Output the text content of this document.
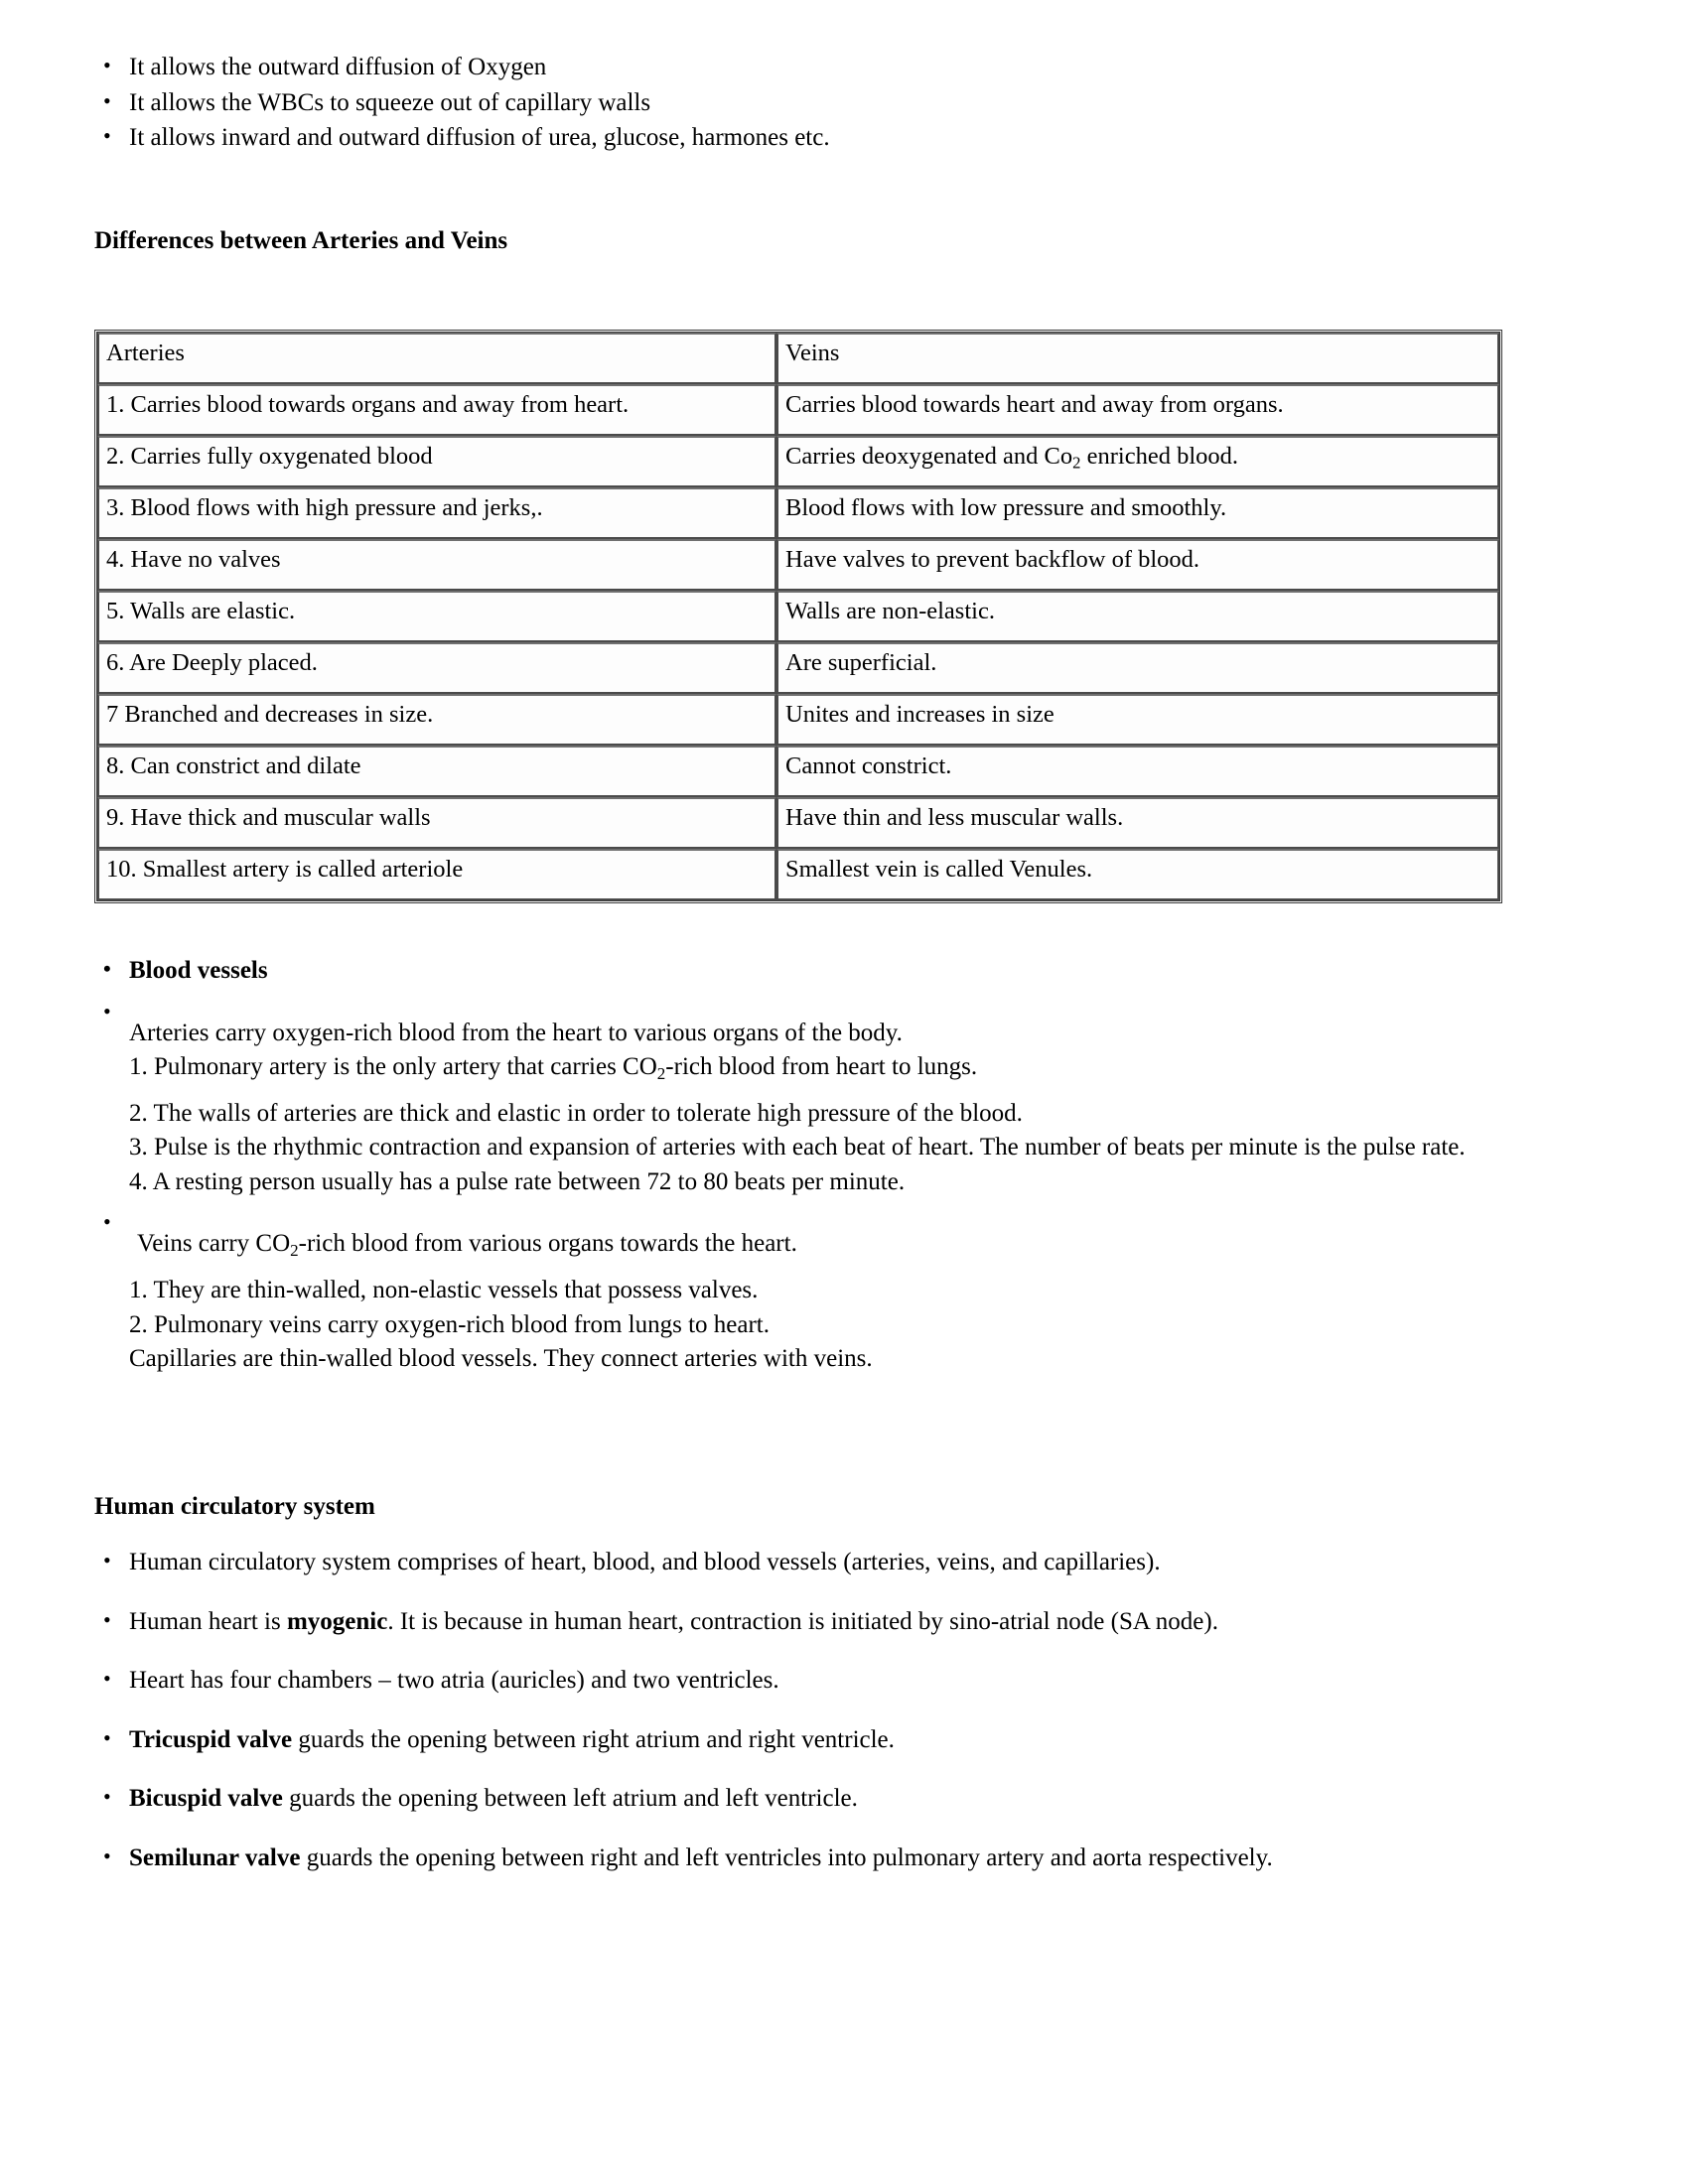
• It allows the outward diffusion of Oxygen
• It allows the WBCs to squeeze out of capillary walls
• It allows inward and outward diffusion of urea, glucose, harmones etc.
Differences between Arteries and Veins
Arteries	Veins
1. Carries blood towards organs and away from heart.	Carries blood towards heart and away from organs.
2. Carries fully oxygenated blood	Carries deoxygenated and $Co_2$ enriched blood.
3. Blood flows with high pressure and jerks,.	Blood flows with low pressure and smoothly.
4. Have no valves	Have valves to prevent backflow of blood.
5. Walls are elastic.	Walls are non-elastic.
6. Are Deeply placed.	Are superficial.
7 Branched and decreases in size.	Unites and increases in size
8. Can constrict and dilate	Cannot constrict.
9. Have thick and muscular walls	Have thin and less muscular walls.
10. Smallest artery is called arteriole	Smallest vein is called Venules.
• Blood vessels
•

Arteries carry oxygen-rich blood from the heart to various organs of the body.

1. Pulmonary artery is the only artery that carries $CO_2$-rich blood from heart to lungs.

2. The walls of arteries are thick and elastic in order to tolerate high pressure of the blood.

3. Pulse is the rhythmic contraction and expansion of arteries with each beat of heart. The number of beats per minute is the pulse rate.

4. A resting person usually has a pulse rate between 72 to 80 beats per minute.

•

Veins carry $CO_2$-rich blood from various organs towards the heart.

1. They are thin-walled, non-elastic vessels that possess valves.

2. Pulmonary veins carry oxygen-rich blood from lungs to heart.

Capillaries are thin-walled blood vessels. They connect arteries with veins.

Human circulatory system
• Human circulatory system comprises of heart, blood, and blood vessels (arteries, veins, and capillaries).
• Human heart is myogenic. It is because in human heart, contraction is initiated by sino-atrial node (SA node).
• Heart has four chambers – two atria (auricles) and two ventricles.
• Tricuspid valve guards the opening between right atrium and right ventricle.
• Bicuspid valve guards the opening between left atrium and left ventricle.
• Semilunar valve guards the opening between right and left ventricles into pulmonary artery and aorta respectively.
